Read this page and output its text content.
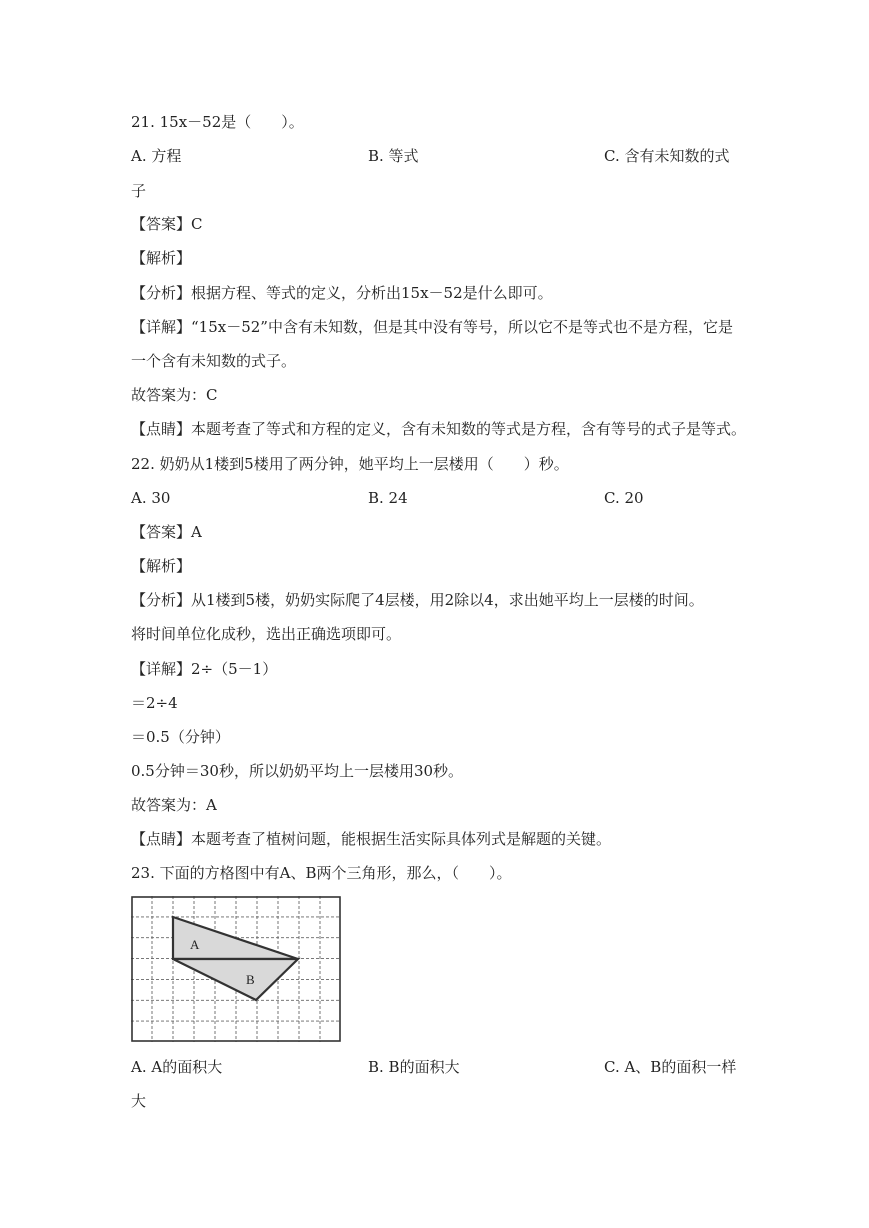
21. 15x－52是（　　）。
A. 方程	B. 等式	C. 含有未知数的式
子
【答案】C
【解析】
【分析】根据方程、等式的定义，分析出15x－52是什么即可。
【详解】“15x－52”中含有未知数，但是其中没有等号，所以它不是等式也不是方程，它是
一个含有未知数的式子。
故答案为：C
【点睛】本题考查了等式和方程的定义，含有未知数的等式是方程，含有等号的式子是等式。
22. 奶奶从1楼到5楼用了两分钟，她平均上一层楼用（　　）秒。
A. 30	B. 24	C. 20
【答案】A
【解析】
【分析】从1楼到5楼，奶奶实际爬了4层楼，用2除以4，求出她平均上一层楼的时间。
将时间单位化成秒，选出正确选项即可。
【详解】2÷（5－1）
＝2÷4
＝0.5（分钟）
0.5分钟＝30秒，所以奶奶平均上一层楼用30秒。
故答案为：A
【点睛】本题考查了植树问题，能根据生活实际具体列式是解题的关键。
23. 下面的方格图中有A、B两个三角形，那么，（　　）。
A
B
A. A的面积大	B. B的面积大	C. A、B的面积一样
大
